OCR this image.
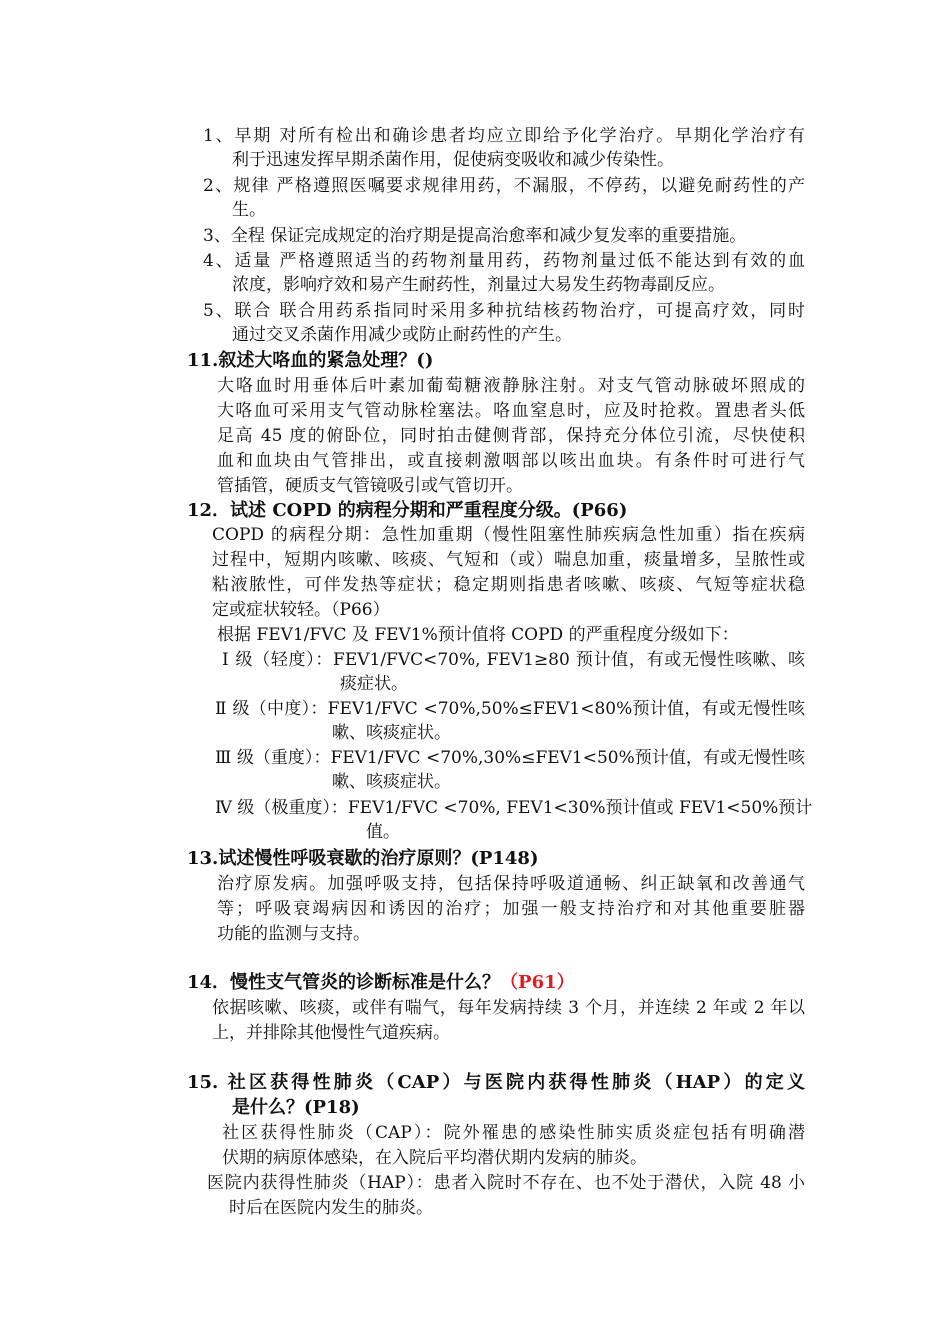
1、早期 对所有检出和确诊患者均应立即给予化学治疗。早期化学治疗有
利于迅速发挥早期杀菌作用，促使病变吸收和减少传染性。
2、规律 严格遵照医嘱要求规律用药，不漏服，不停药，以避免耐药性的产
生。
3、全程 保证完成规定的治疗期是提高治愈率和减少复发率的重要措施。
4、适量 严格遵照适当的药物剂量用药，药物剂量过低不能达到有效的血
浓度，影响疗效和易产生耐药性，剂量过大易发生药物毒副反应。
5、联合 联合用药系指同时采用多种抗结核药物治疗，可提高疗效，同时
通过交叉杀菌作用减少或防止耐药性的产生。
11.叙述大咯血的紧急处理？()
大咯血时用垂体后叶素加葡萄糖液静脉注射。对支气管动脉破坏照成的
大咯血可采用支气管动脉栓塞法。咯血窒息时，应及时抢救。置患者头低
足高 45 度的俯卧位，同时拍击健侧背部，保持充分体位引流，尽快使积
血和血块由气管排出，或直接刺激咽部以咳出血块。有条件时可进行气
管插管，硬质支气管镜吸引或气管切开。
12．试述 COPD 的病程分期和严重程度分级。(P66)
COPD 的病程分期：急性加重期（慢性阻塞性肺疾病急性加重）指在疾病
过程中，短期内咳嗽、咳痰、气短和（或）喘息加重，痰量增多，呈脓性或
粘液脓性，可伴发热等症状；稳定期则指患者咳嗽、咳痰、气短等症状稳
定或症状较轻。（P66）
根据 FEV1/FVC 及 FEV1%预计值将 COPD 的严重程度分级如下：
Ⅰ 级（轻度）：FEV1/FVC<70%, FEV1≥80 预计值，有或无慢性咳嗽、咳
痰症状。
Ⅱ 级（中度）：FEV1/FVC <70%,50%≤FEV1<80%预计值，有或无慢性咳
嗽、咳痰症状。
Ⅲ 级（重度）：FEV1/FVC <70%,30%≤FEV1<50%预计值，有或无慢性咳
嗽、咳痰症状。
Ⅳ 级（极重度）：FEV1/FVC <70%, FEV1<30%预计值或 FEV1<50%预计
值。
13.试述慢性呼吸衰歇的治疗原则？(P148)
治疗原发病。加强呼吸支持，包括保持呼吸道通畅、纠正缺氧和改善通气
等；呼吸衰竭病因和诱因的治疗；加强一般支持治疗和对其他重要脏器
功能的监测与支持。
14．慢性支气管炎的诊断标准是什么？（P61）
依据咳嗽、咳痰，或伴有喘气，每年发病持续 3 个月，并连续 2 年或 2 年以
上，并排除其他慢性气道疾病。
15. 社区获得性肺炎（CAP）与医院内获得性肺炎（HAP）的定义
是什么？(P18)
社区获得性肺炎（CAP）：院外罹患的感染性肺实质炎症包括有明确潜
伏期的病原体感染，在入院后平均潜伏期内发病的肺炎。
医院内获得性肺炎（HAP）：患者入院时不存在、也不处于潜伏，入院 48 小
时后在医院内发生的肺炎。
